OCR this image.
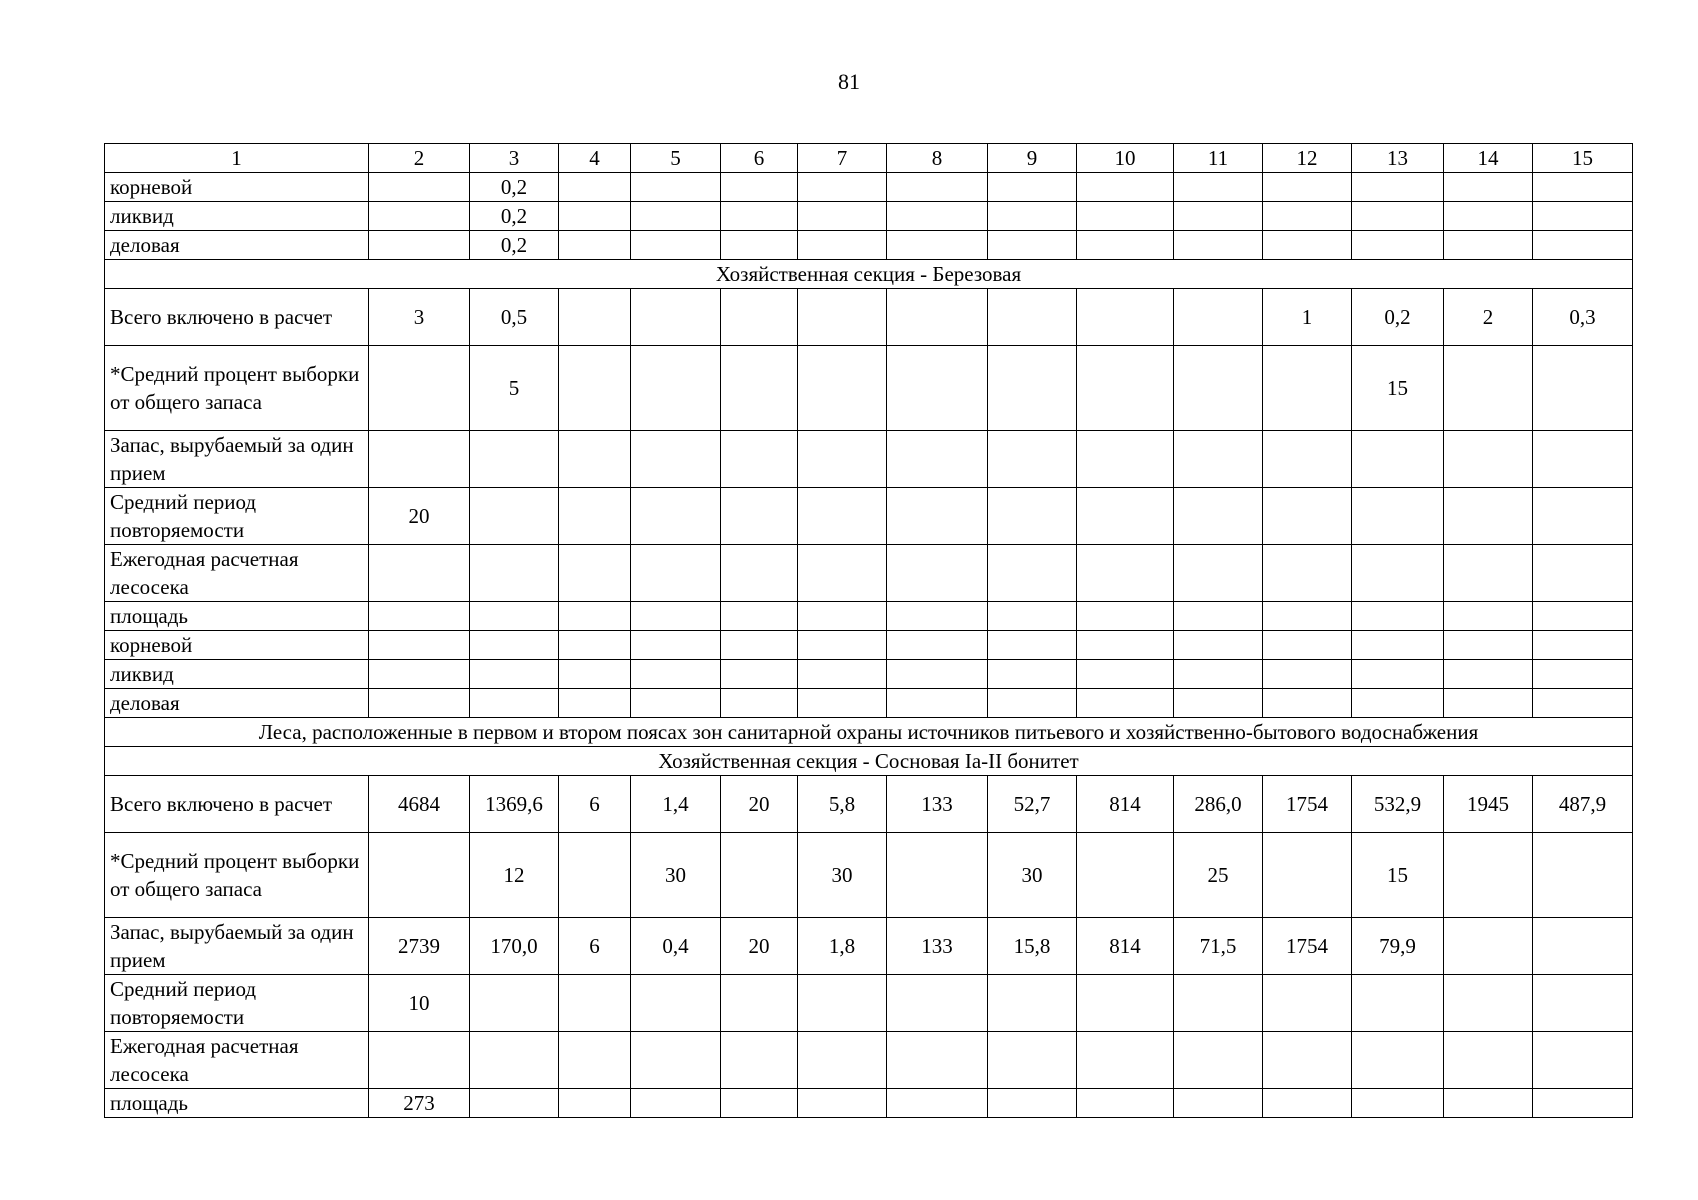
81
1	2	3	4	5	6	7	8	9	10	11	12	13	14	15
корневой		0,2												
ликвид		0,2												
деловая		0,2												
Хозяйственная секция - Березовая														
Всего включено в расчет	3	0,5									1	0,2	2	0,3
*Средний процент выборки от общего запаса		5										15		
Запас, вырубаемый за один прием														
Средний период повторяемости	20													
Ежегодная расчетная лесосека														
площадь														
корневой														
ликвид														
деловая														
Леса, расположенные в первом и втором поясах зон санитарной охраны источников питьевого и хозяйственно-бытового водоснабжения														
Хозяйственная секция - Сосновая Ia-II бонитет														
Всего включено в расчет	4684	1369,6	6	1,4	20	5,8	133	52,7	814	286,0	1754	532,9	1945	487,9
*Средний процент выборки от общего запаса		12		30		30		30		25		15		
Запас, вырубаемый за один прием	2739	170,0	6	0,4	20	1,8	133	15,8	814	71,5	1754	79,9		
Средний период повторяемости	10													
Ежегодная расчетная лесосека														
площадь	273													
